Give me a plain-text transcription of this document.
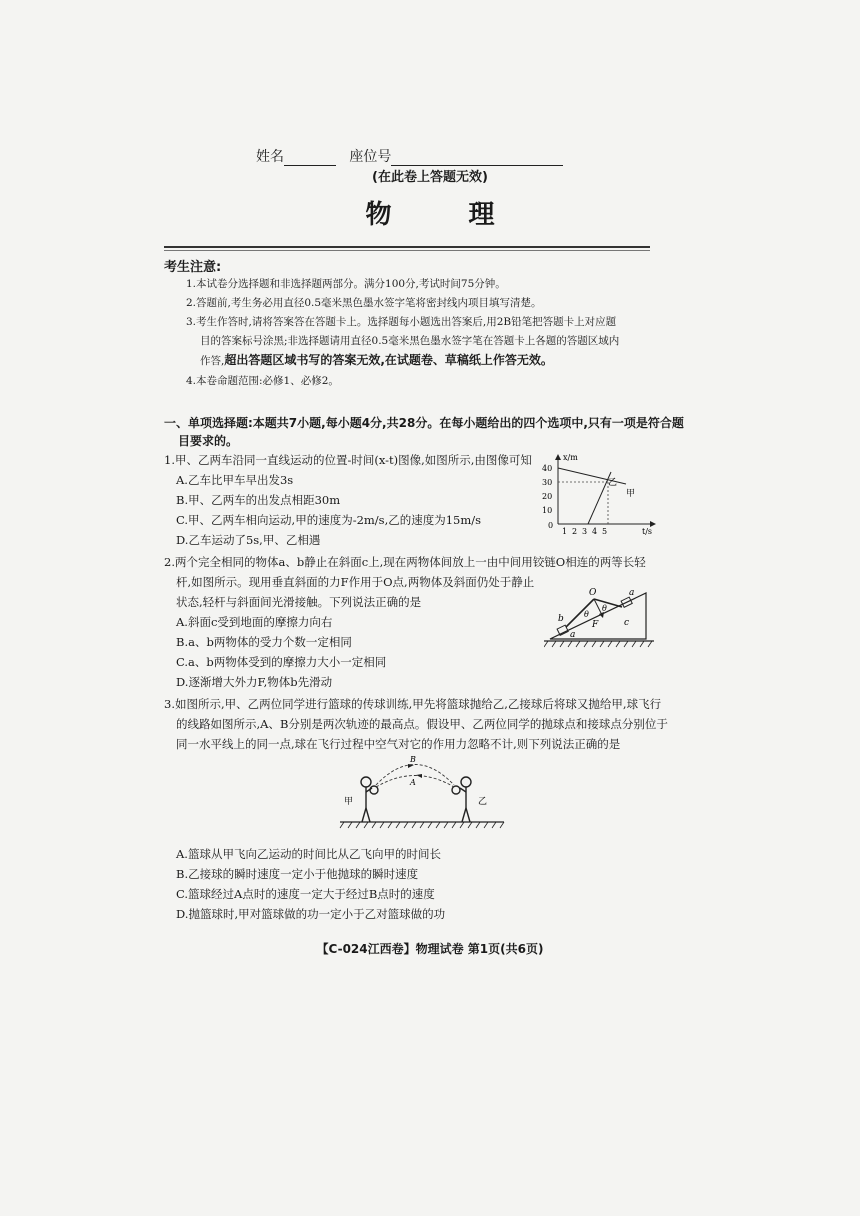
姓名	座位号
(在此卷上答题无效)
物 理
考生注意:
1.本试卷分选择题和非选择题两部分。满分100分,考试时间75分钟。
2.答题前,考生务必用直径0.5毫米黑色墨水签字笔将密封线内项目填写清楚。
3.考生作答时,请将答案答在答题卡上。选择题每小题选出答案后,用2B铅笔把答题卡上对应题
目的答案标号涂黑;非选择题请用直径0.5毫米黑色墨水签字笔在答题卡上各题的答题区域内
作答,超出答题区域书写的答案无效,在试题卷、草稿纸上作答无效。
4.本卷命题范围:必修1、必修2。
一、单项选择题:本题共7小题,每小题4分,共28分。在每小题给出的四个选项中,只有一项是符合题
目要求的。
1.甲、乙两车沿同一直线运动的位置-时间(x-t)图像,如图所示,由图像可知
A.乙车比甲车早出发3s
B.甲、乙两车的出发点相距30m
C.甲、乙两车相向运动,甲的速度为-2m/s,乙的速度为15m/s
D.乙车运动了5s,甲、乙相遇
x/m
t/s
40
30
20
10
0
1 2 3 4 5
乙
甲
2.两个完全相同的物体a、b静止在斜面c上,现在两物体间放上一由中间用铰链O相连的两等长轻
杆,如图所示。现用垂直斜面的力F作用于O点,两物体及斜面仍处于静止
状态,轻杆与斜面间光滑接触。下列说法正确的是
A.斜面c受到地面的摩擦力向右
B.a、b两物体的受力个数一定相同
C.a、b两物体受到的摩擦力大小一定相同
D.逐渐增大外力F,物体b先滑动
O	a
b
a
F	c
θ
θ
3.如图所示,甲、乙两位同学进行篮球的传球训练,甲先将篮球抛给乙,乙接球后将球又抛给甲,球飞行
的线路如图所示,A、B分别是两次轨迹的最高点。假设甲、乙两位同学的抛球点和接球点分别位于
同一水平线上的同一点,球在飞行过程中空气对它的作用力忽略不计,则下列说法正确的是
B
A
甲	乙
A.篮球从甲飞向乙运动的时间比从乙飞向甲的时间长
B.乙接球的瞬时速度一定小于他抛球的瞬时速度
C.篮球经过A点时的速度一定大于经过B点时的速度
D.抛篮球时,甲对篮球做的功一定小于乙对篮球做的功
【C-024江西卷】物理试卷 第1页(共6页)
